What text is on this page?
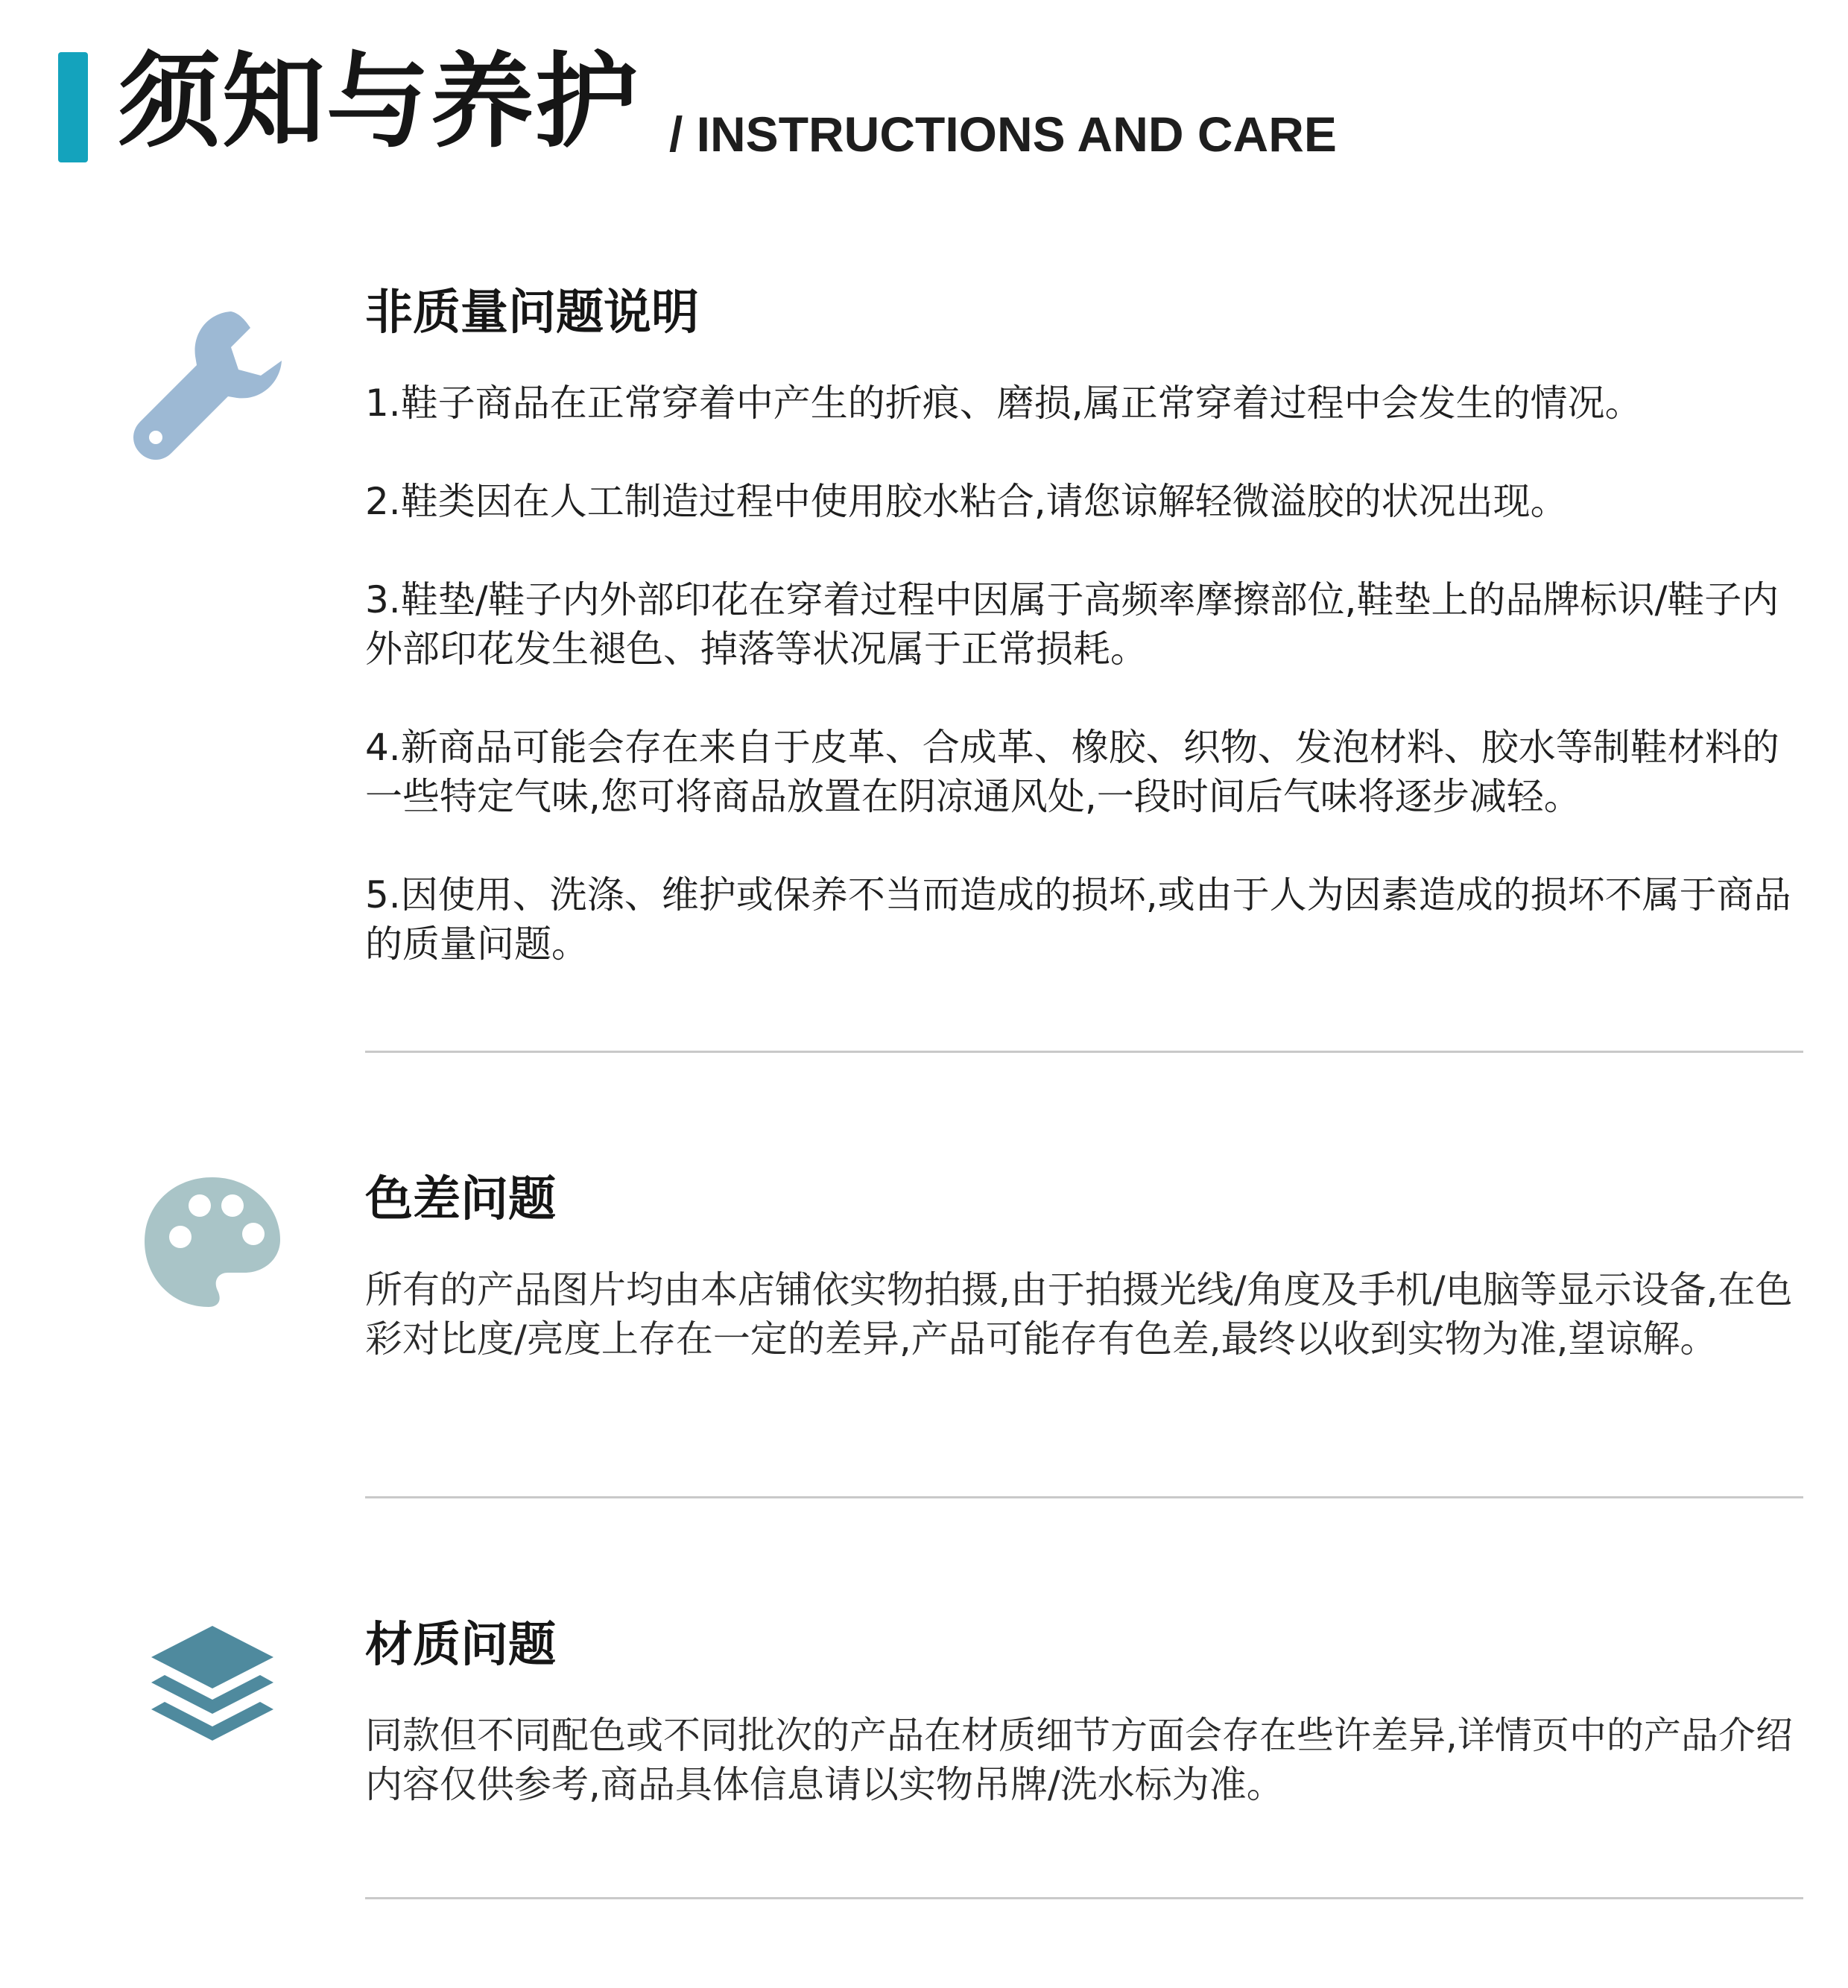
须知与养护 / INSTRUCTIONS AND CARE
非质量问题说明

1.鞋子商品在正常穿着中产生的折痕、磨损,属正常穿着过程中会发生的情况。

2.鞋类因在人工制造过程中使用胶水粘合,请您谅解轻微溢胶的状况出现。

3.鞋垫/鞋子内外部印花在穿着过程中因属于高频率摩擦部位,鞋垫上的品牌标识/鞋子内外部印花发生褪色、掉落等状况属于正常损耗。

4.新商品可能会存在来自于皮革、合成革、橡胶、织物、发泡材料、胶水等制鞋材料的一些特定气味,您可将商品放置在阴凉通风处,一段时间后气味将逐步减轻。

5.因使用、洗涤、维护或保养不当而造成的损坏,或由于人为因素造成的损坏不属于商品的质量问题。

色差问题

所有的产品图片均由本店铺依实物拍摄,由于拍摄光线/角度及手机/电脑等显示设备,在色彩对比度/亮度上存在一定的差异,产品可能存有色差,最终以收到实物为准,望谅解。

材质问题

同款但不同配色或不同批次的产品在材质细节方面会存在些许差异,详情页中的产品介绍内容仅供参考,商品具体信息请以实物吊牌/洗水标为准。
